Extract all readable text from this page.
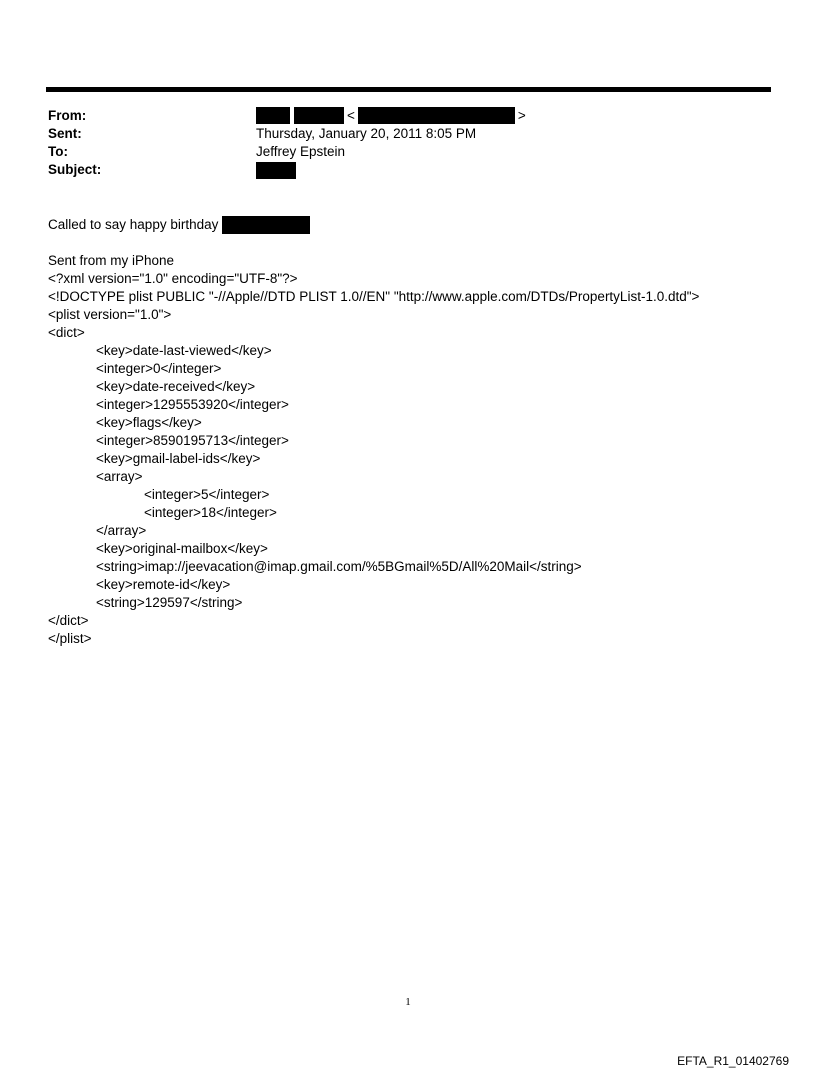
From:	<	>
Sent:	Thursday, January 20, 2011 8:05 PM
To:	Jeffrey Epstein
Subject:
Called to say happy birthday
Sent from my iPhone
<?xml version="1.0" encoding="UTF-8"?>
<!DOCTYPE plist PUBLIC "-//Apple//DTD PLIST 1.0//EN" "http://www.apple.com/DTDs/PropertyList-1.0.dtd">
<plist version="1.0">
<dict>
<key>date-last-viewed</key>
<integer>0</integer>
<key>date-received</key>
<integer>1295553920</integer>
<key>flags</key>
<integer>8590195713</integer>
<key>gmail-label-ids</key>
<array>
<integer>5</integer>
<integer>18</integer>
</array>
<key>original-mailbox</key>
<string>imap://jeevacation@imap.gmail.com/%5BGmail%5D/All%20Mail</string>
<key>remote-id</key>
<string>129597</string>
</dict>
</plist>
1
EFTA_R1_01402769
